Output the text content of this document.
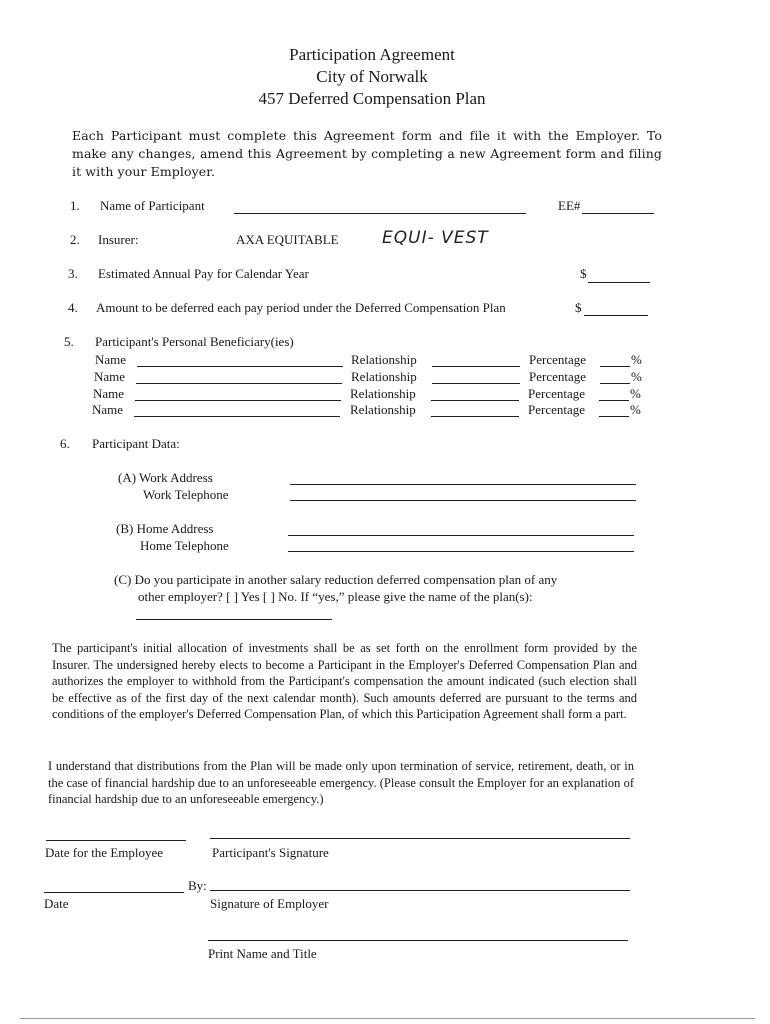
Participation Agreement
City of Norwalk
457 Deferred Compensation Plan
Each Participant must complete this Agreement form and file it with the Employer. To make any changes, amend this Agreement by completing a new Agreement form and filing it with your Employer.
1. Name of Participant	EE#
2. Insurer:	AXA EQUITABLE	EQUI- VEST
3. Estimated Annual Pay for Calendar Year	$
4. Amount to be deferred each pay period under the Deferred Compensation Plan	$
5. Participant's Personal Beneficiary(ies)
Name	Relationship	Percentage	%
Name	Relationship	Percentage	%
Name	Relationship	Percentage	%
Name	Relationship	Percentage	%
6. Participant Data:
(A) Work Address
Work Telephone
(B) Home Address
Home Telephone
(C) Do you participate in another salary reduction deferred compensation plan of any
other employer? [ ] Yes [ ] No. If “yes,” please give the name of the plan(s):
The participant's initial allocation of investments shall be as set forth on the enrollment form provided by the Insurer. The undersigned hereby elects to become a Participant in the Employer's Deferred Compensation Plan and authorizes the employer to withhold from the Participant's compensation the amount indicated (such election shall be effective as of the first day of the next calendar month). Such amounts deferred are pursuant to the terms and conditions of the employer's Deferred Compensation Plan, of which this Participation Agreement shall form a part.
I understand that distributions from the Plan will be made only upon termination of service, retirement, death, or in the case of financial hardship due to an unforeseeable emergency. (Please consult the Employer for an explanation of financial hardship due to an unforeseeable emergency.)
Date for the Employee	Participant's Signature
By:
Date	Signature of Employer
Print Name and Title
